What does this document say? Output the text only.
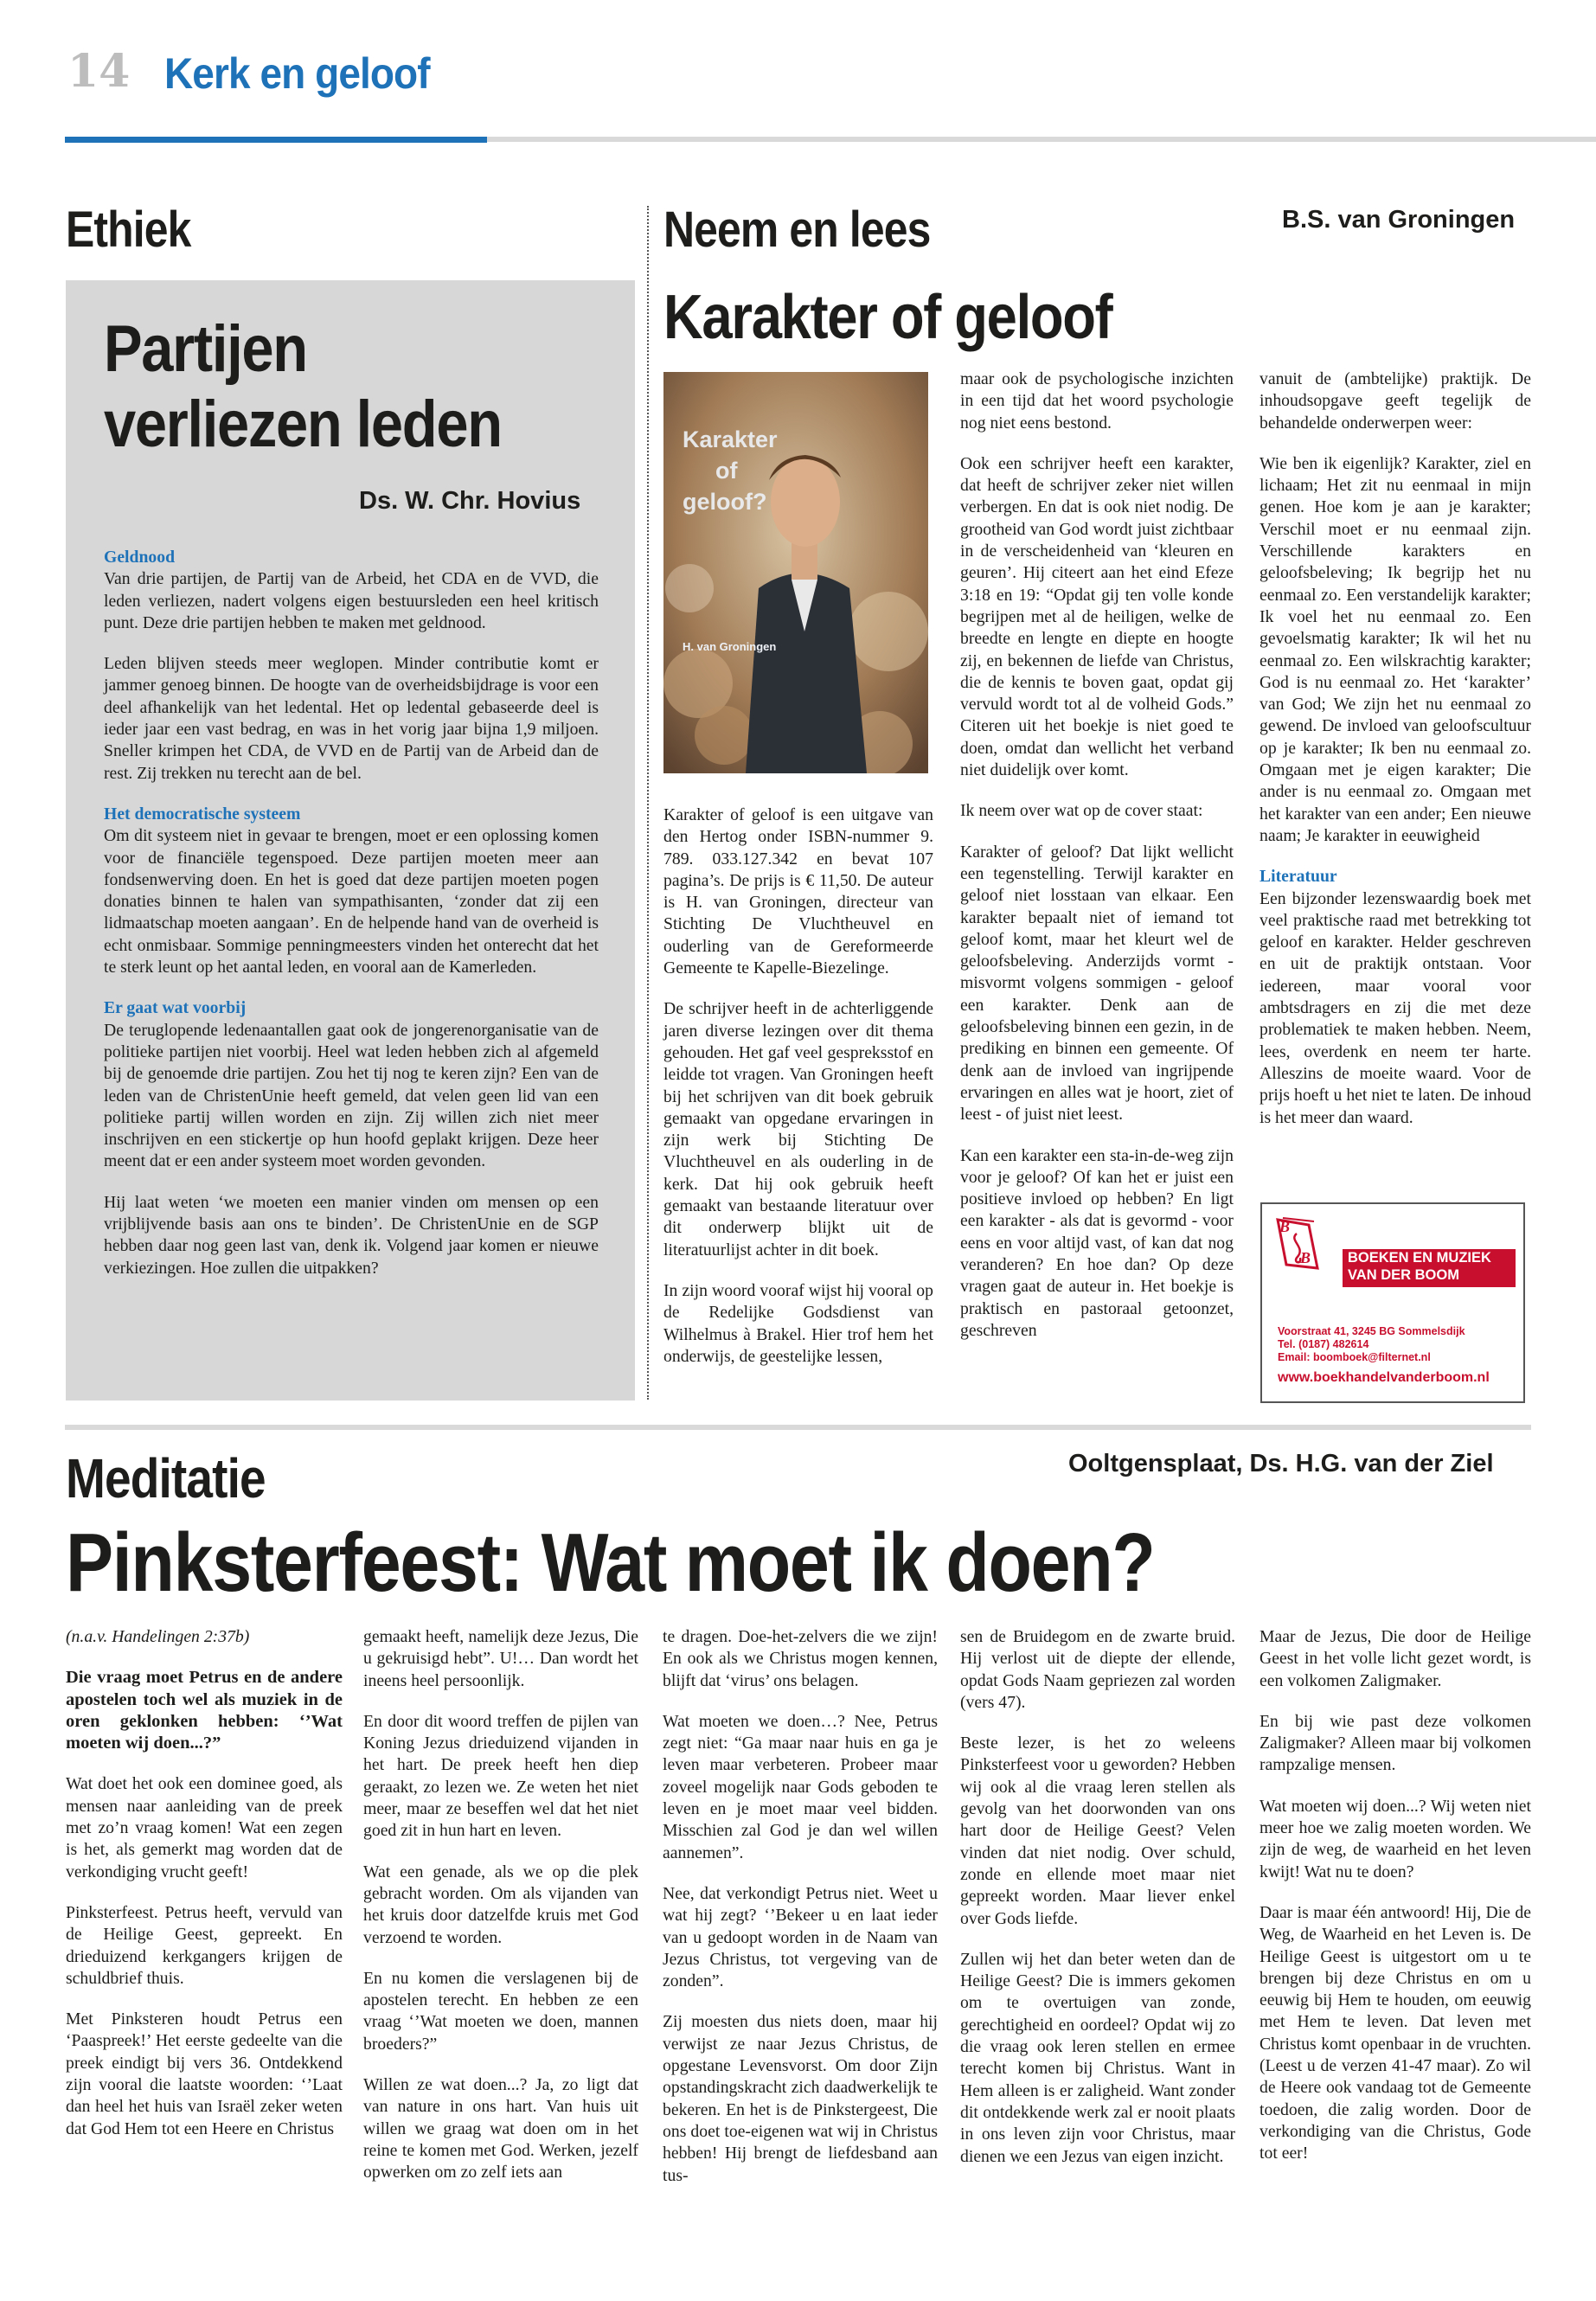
14 Kerk en geloof
Ethiek
Partijen
verliezen leden
Ds. W. Chr. Hovius

Geldnood
Van drie partijen, de Partij van de Arbeid, het CDA en de VVD, die leden verliezen, nadert volgens eigen bestuursleden een heel kritisch punt. Deze drie partijen hebben te maken met geldnood.

Leden blijven steeds meer weglopen. Minder contributie komt er jammer genoeg binnen. De hoogte van de overheidsbijdrage is voor een deel afhankelijk van het ledental. Het op ledental gebaseerde deel is ieder jaar een vast bedrag, en was in het vorig jaar bijna 1,9 miljoen. Sneller krimpen het CDA, de VVD en de Partij van de Arbeid dan de rest. Zij trekken nu terecht aan de bel.

Het democratische systeem
Om dit systeem niet in gevaar te brengen, moet er een oplossing komen voor de financiële tegenspoed. Deze partijen moeten meer aan fondsenwerving doen. En het is goed dat deze partijen moeten pogen donaties binnen te halen van sympathisanten, ‘zonder dat zij een lidmaatschap moeten aangaan’. En de helpende hand van de overheid is echt onmisbaar. Sommige penningmeesters vinden het onterecht dat het te sterk leunt op het aantal leden, en vooral aan de Kamerleden.

Er gaat wat voorbij
De teruglopende ledenaantallen gaat ook de jongerenorganisatie van de politieke partijen niet voorbij. Heel wat leden hebben zich al afgemeld bij de genoemde drie partijen. Zou het tij nog te keren zijn? Een van de leden van de ChristenUnie heeft gemeld, dat velen geen lid van een politieke partij willen worden en zijn. Zij willen zich niet meer inschrijven en een stickertje op hun hoofd geplakt krijgen. Deze heer meent dat er een ander systeem moet worden gevonden.

Hij laat weten ‘we moeten een manier vinden om mensen op een vrijblijvende basis aan ons te binden’. De ChristenUnie en de SGP hebben daar nog geen last van, denk ik. Volgend jaar komen er nieuwe verkiezingen. Hoe zullen die uitpakken?

Neem en lees	B.S. van Groningen
Karakter of geloof
Karakter
of
geloof?
H. van Groningen

Karakter of geloof is een uitgave van den Hertog onder ISBN-nummer 9. 789. 033.127.342 en bevat 107 pagina’s. De prijs is € 11,50. De auteur is H. van Groningen, directeur van Stichting De Vluchtheuvel en ouderling van de Gereformeerde Gemeente te Kapelle-Biezelinge.

De schrijver heeft in de achterliggende jaren diverse lezingen over dit thema gehouden. Het gaf veel gespreksstof en leidde tot vragen. Van Groningen heeft bij het schrijven van dit boek gebruik gemaakt van opgedane ervaringen in zijn werk bij Stichting De Vluchtheuvel en als ouderling in de kerk. Dat hij ook gebruik heeft gemaakt van bestaande literatuur over dit onderwerp blijkt uit de literatuurlijst achter in dit boek.

In zijn woord vooraf wijst hij vooral op de Redelijke Godsdienst van Wilhelmus à Brakel. Hier trof hem het onderwijs, de geestelijke lessen,

maar ook de psychologische inzichten in een tijd dat het woord psychologie nog niet eens bestond.

Ook een schrijver heeft een karakter, dat heeft de schrijver zeker niet willen verbergen. En dat is ook niet nodig. De grootheid van God wordt juist zichtbaar in de verscheidenheid van ‘kleuren en geuren’. Hij citeert aan het eind Efeze 3:18 en 19: “Opdat gij ten volle konde begrijpen met al de heiligen, welke de breedte en lengte en diepte en hoogte zij, en bekennen de liefde van Christus, die de kennis te boven gaat, opdat gij vervuld wordt tot al de volheid Gods.” Citeren uit het boekje is niet goed te doen, omdat dan wellicht het verband niet duidelijk over komt.

Ik neem over wat op de cover staat:

Karakter of geloof? Dat lijkt wellicht een tegenstelling. Terwijl karakter en geloof niet losstaan van elkaar. Een karakter bepaalt niet of iemand tot geloof komt, maar het kleurt wel de geloofsbeleving. Anderzijds vormt - misvormt volgens sommigen - geloof een karakter. Denk aan de geloofsbeleving binnen een gezin, in de prediking en binnen een gemeente. Of denk aan de invloed van ingrijpende ervaringen en alles wat je hoort, ziet of leest - of juist niet leest.

Kan een karakter een sta-in-de-weg zijn voor je geloof? Of kan het er juist een positieve invloed op hebben? En ligt een karakter - als dat is gevormd - voor eens en voor altijd vast, of kan dat nog veranderen? En hoe dan? Op deze vragen gaat de auteur in. Het boekje is praktisch en pastoraal getoonzet, geschreven

vanuit de (ambtelijke) praktijk. De inhoudsopgave geeft tegelijk de behandelde onderwerpen weer:

Wie ben ik eigenlijk? Karakter, ziel en lichaam; Het zit nu eenmaal in mijn genen. Hoe kom je aan je karakter; Verschil moet er nu eenmaal zijn. Verschillende karakters en geloofsbeleving; Ik begrijp het nu eenmaal zo. Een verstandelijk karakter; Ik voel het nu eenmaal zo. Een gevoelsmatig karakter; Ik wil het nu eenmaal zo. Een wilskrachtig karakter; God is nu eenmaal zo. Het ‘karakter’ van God; We zijn het nu eenmaal zo gewend. De invloed van geloofscultuur op je karakter; Ik ben nu eenmaal zo. Omgaan met je eigen karakter; Die ander is nu eenmaal zo. Omgaan met het karakter van een ander; Een nieuwe naam; Je karakter in eeuwigheid

Literatuur
Een bijzonder lezenswaardig boek met veel praktische raad met betrekking tot geloof en karakter. Helder geschreven en uit de praktijk ontstaan. Voor iedereen, maar vooral voor ambtsdragers en zij die met deze problematiek te maken hebben. Neem, lees, overdenk en neem ter harte. Alleszins de moeite waard. Voor de prijs hoeft u het niet te laten. De inhoud is het meer dan waard.

B
B	BOEKEN EN MUZIEK
VAN DER BOOM
Voorstraat 41, 3245 BG Sommelsdijk
Tel. (0187) 482614
Email: boomboek@filternet.nl
www.boekhandelvanderboom.nl
Meditatie	Ooltgensplaat, Ds. H.G. van der Ziel
Pinksterfeest: Wat moet ik doen?

(n.a.v. Handelingen 2:37b)

Die vraag moet Petrus en de andere apostelen toch wel als muziek in de oren geklonken hebben: ‘’Wat moeten wij doen...?”

Wat doet het ook een dominee goed, als mensen naar aanleiding van de preek met zo’n vraag komen! Wat een zegen is het, als gemerkt mag worden dat de verkondiging vrucht geeft!

Pinksterfeest. Petrus heeft, vervuld van de Heilige Geest, gepreekt. En drieduizend kerkgangers krijgen de schuldbrief thuis.

Met Pinksteren houdt Petrus een ‘Paaspreek!’ Het eerste gedeelte van die preek eindigt bij vers 36. Ontdekkend zijn vooral die laatste woorden: ‘’Laat dan heel het huis van Israël zeker weten dat God Hem tot een Heere en Christus

gemaakt heeft, namelijk deze Jezus, Die u gekruisigd hebt”. U!… Dan wordt het ineens heel persoonlijk.

En door dit woord treffen de pijlen van Koning Jezus drieduizend vijanden in het hart. De preek heeft hen diep geraakt, zo lezen we. Ze weten het niet meer, maar ze beseffen wel dat het niet goed zit in hun hart en leven.

Wat een genade, als we op die plek gebracht worden. Om als vijanden van het kruis door datzelfde kruis met God verzoend te worden.

En nu komen die verslagenen bij de apostelen terecht. En hebben ze een vraag ‘’Wat moeten we doen, mannen broeders?”

Willen ze wat doen...? Ja, zo ligt dat van nature in ons hart. Van huis uit willen we graag wat doen om in het reine te komen met God. Werken, jezelf opwerken om zo zelf iets aan

te dragen. Doe-het-zelvers die we zijn! En ook als we Christus mogen kennen, blijft dat ‘virus’ ons belagen.

Wat moeten we doen…? Nee, Petrus zegt niet: “Ga maar naar huis en ga je leven maar verbeteren. Probeer maar zoveel mogelijk naar Gods geboden te leven en je moet maar veel bidden. Misschien zal God je dan wel willen aannemen”.

Nee, dat verkondigt Petrus niet. Weet u wat hij zegt? ‘’Bekeer u en laat ieder van u gedoopt worden in de Naam van Jezus Christus, tot vergeving van de zonden”.

Zij moesten dus niets doen, maar hij verwijst ze naar Jezus Christus, de opgestane Levensvorst. Om door Zijn opstandingskracht zich daadwerkelijk te bekeren. En het is de Pinkstergeest, Die ons doet toe-eigenen wat wij in Christus hebben! Hij brengt de liefdesband aan tus-

sen de Bruidegom en de zwarte bruid. Hij verlost uit de diepte der ellende, opdat Gods Naam gepriezen zal worden (vers 47).

Beste lezer, is het zo weleens Pinksterfeest voor u geworden? Hebben wij ook al die vraag leren stellen als gevolg van het doorwonden van ons hart door de Heilige Geest? Velen vinden dat niet nodig. Over schuld, zonde en ellende moet maar niet gepreekt worden. Maar liever enkel over Gods liefde.

Zullen wij het dan beter weten dan de Heilige Geest? Die is immers gekomen om te overtuigen van zonde, gerechtigheid en oordeel? Opdat wij zo die vraag ook leren stellen en ermee terecht komen bij Christus. Want in Hem alleen is er zaligheid. Want zonder dit ontdekkende werk zal er nooit plaats in ons leven zijn voor Christus, maar dienen we een Jezus van eigen inzicht.

Maar de Jezus, Die door de Heilige Geest in het volle licht gezet wordt, is een volkomen Zaligmaker.

En bij wie past deze volkomen Zaligmaker? Alleen maar bij volkomen rampzalige mensen.

Wat moeten wij doen...? Wij weten niet meer hoe we zalig moeten worden. We zijn de weg, de waarheid en het leven kwijt! Wat nu te doen?

Daar is maar één antwoord! Hij, Die de Weg, de Waarheid en het Leven is. De Heilige Geest is uitgestort om u te brengen bij deze Christus en om u eeuwig bij Hem te houden, om eeuwig met Hem te leven. Dat leven met Christus komt openbaar in de vruchten. (Leest u de verzen 41-47 maar). Zo wil de Heere ook vandaag tot de Gemeente toedoen, die zalig worden. Door de verkondiging van die Christus, Gode tot eer!
